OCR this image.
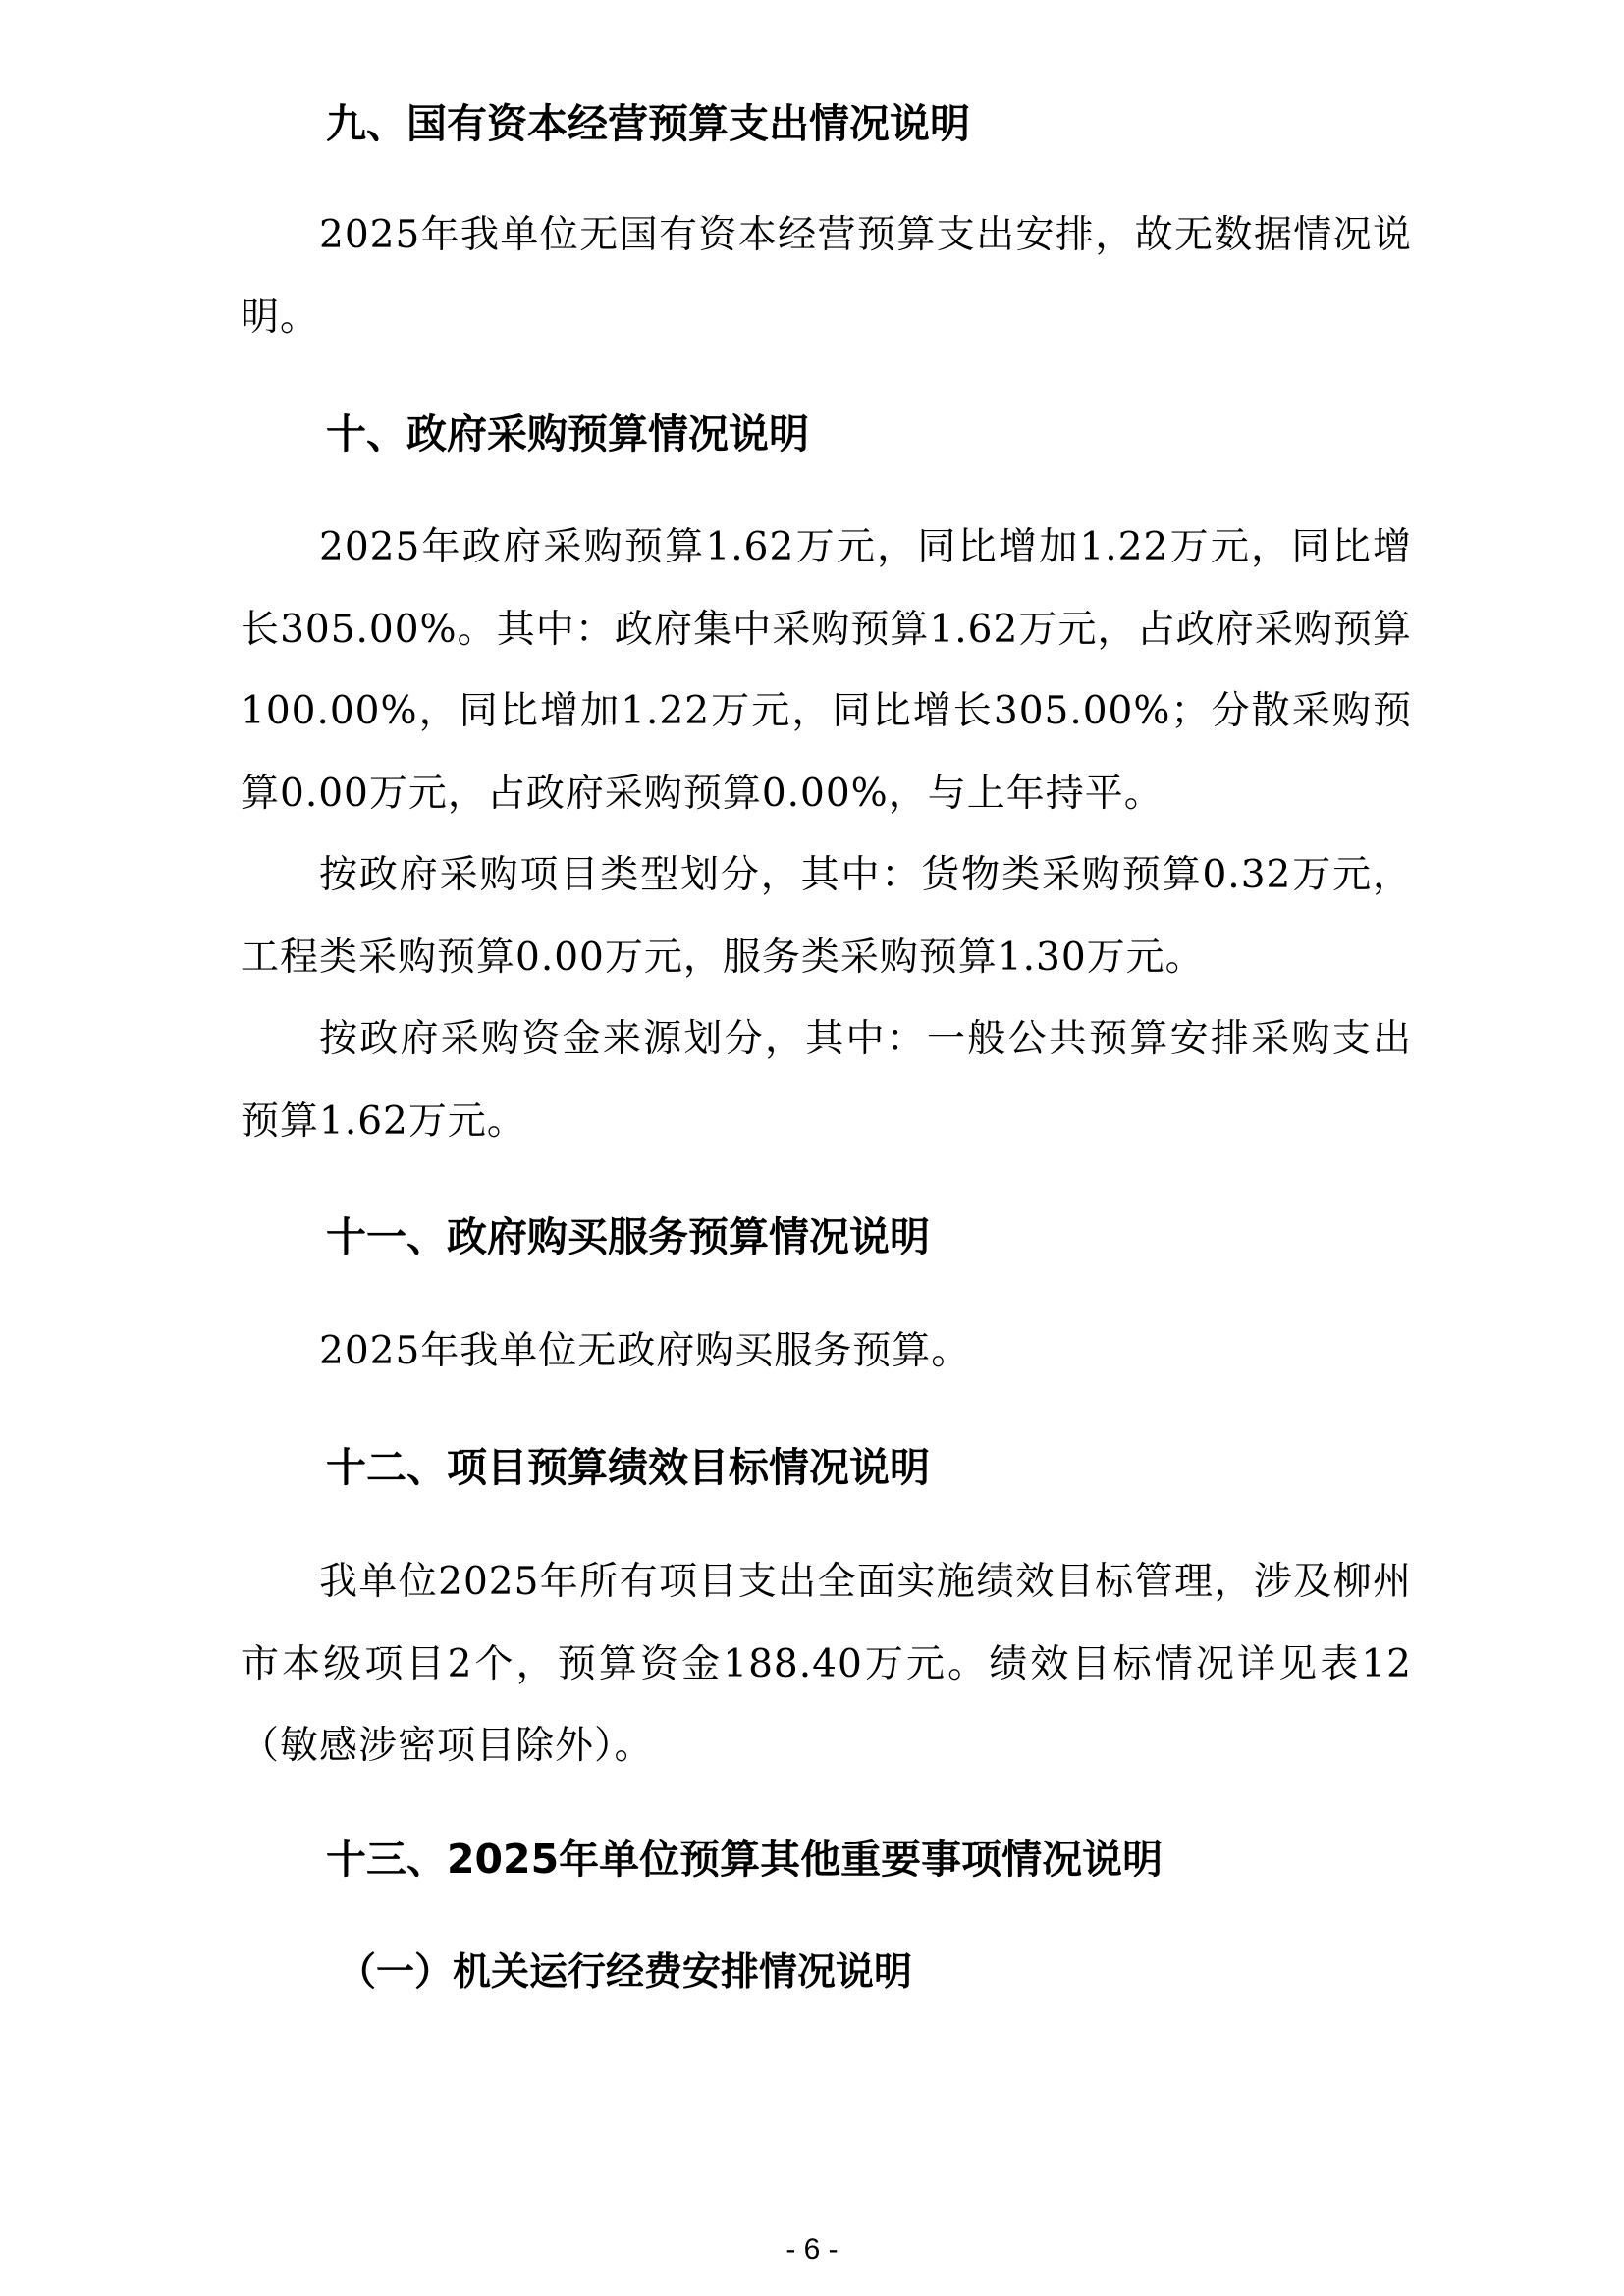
九、国有资本经营预算支出情况说明

2025年我单位无国有资本经营预算支出安排，故无数据情况说明。

十、政府采购预算情况说明

2025年政府采购预算1.62万元，同比增加1.22万元，同比增长305.00%。其中：政府集中采购预算1.62万元，占政府采购预算100.00%，同比增加1.22万元，同比增长305.00%；分散采购预算0.00万元，占政府采购预算0.00%，与上年持平。

按政府采购项目类型划分，其中：货物类采购预算0.32万元，工程类采购预算0.00万元，服务类采购预算1.30万元。

按政府采购资金来源划分，其中：一般公共预算安排采购支出预算1.62万元。

十一、政府购买服务预算情况说明

2025年我单位无政府购买服务预算。

十二、项目预算绩效目标情况说明

我单位2025年所有项目支出全面实施绩效目标管理，涉及柳州市本级项目2个，预算资金188.40万元。绩效目标情况详见表12（敏感涉密项目除外）。

十三、2025年单位预算其他重要事项情况说明
（一）机关运行经费安排情况说明
- 6 -
